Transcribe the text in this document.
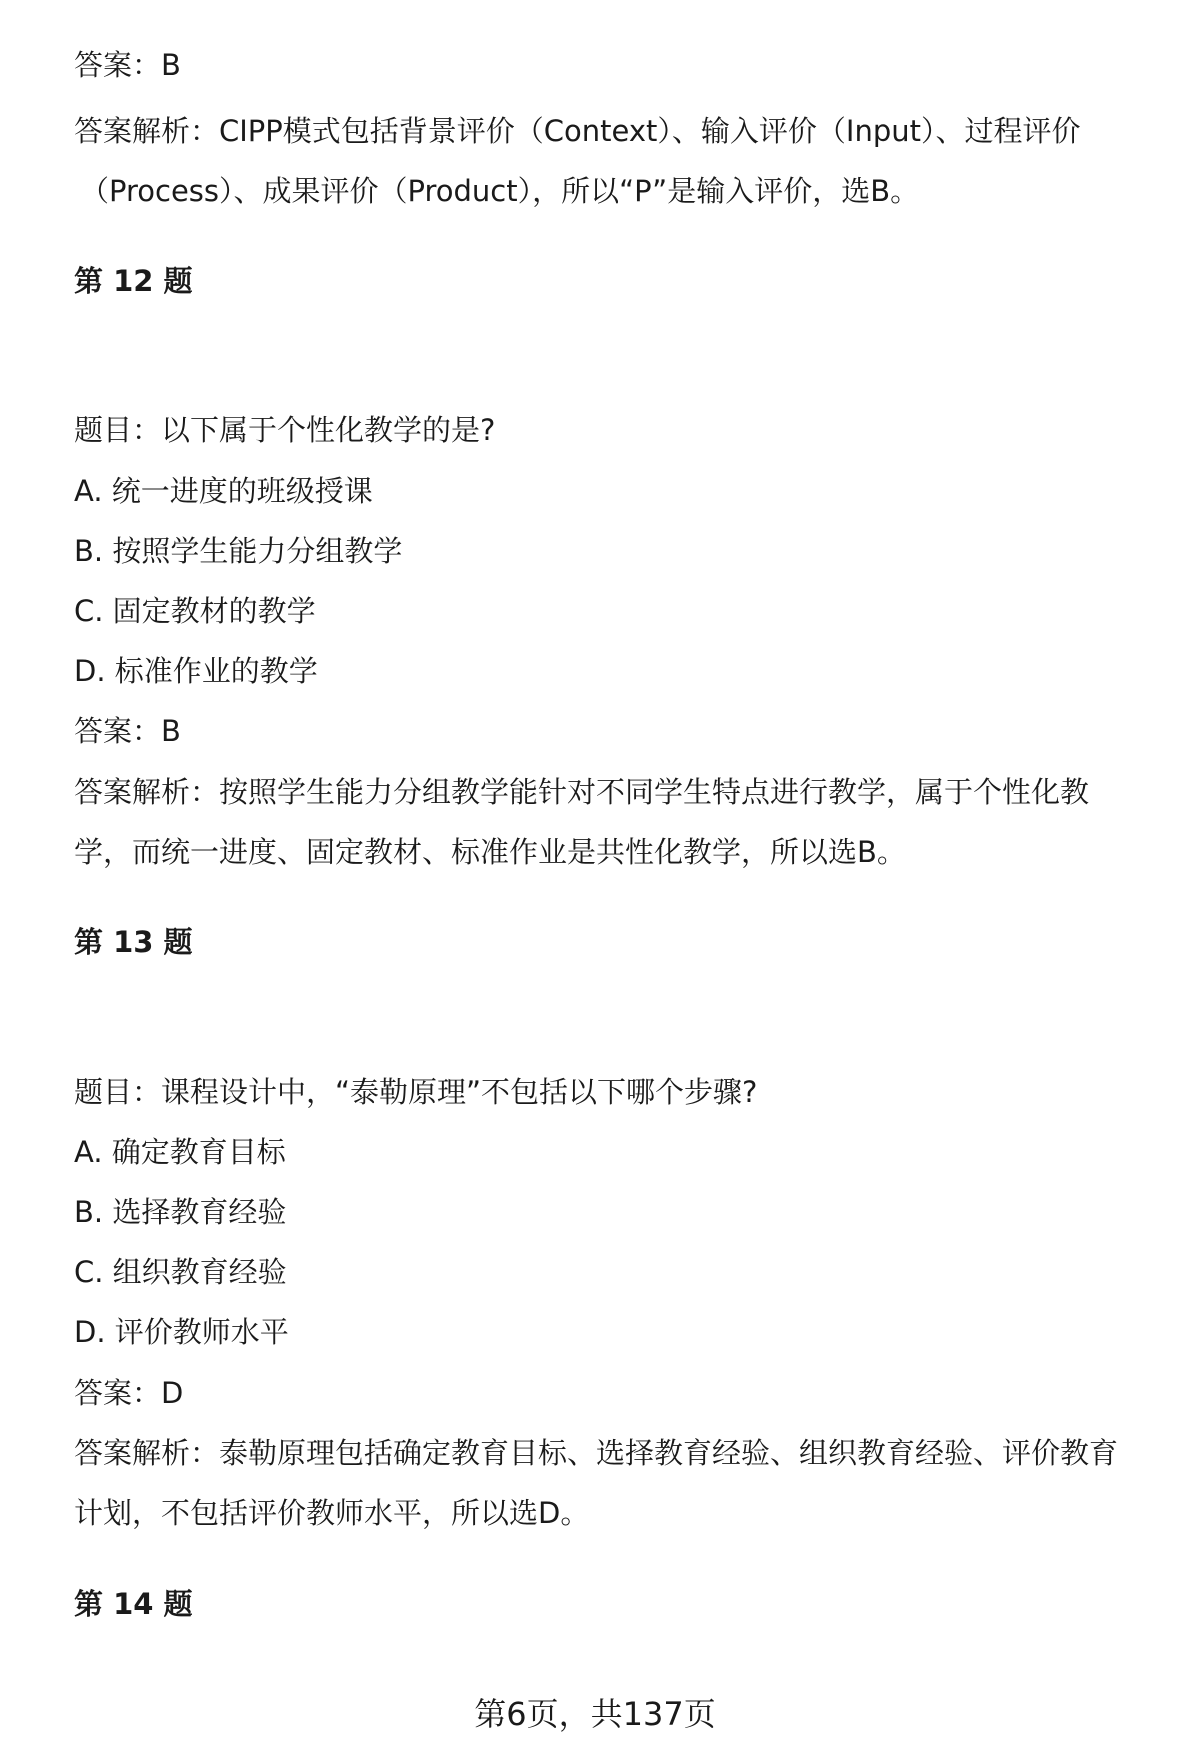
答案：B
答案解析：CIPP模式包括背景评价（Context）、输入评价（Input）、过程评价
（Process）、成果评价（Product），所以“P”是输入评价，选B。
第 12 题
题目：以下属于个性化教学的是?
A. 统一进度的班级授课
B. 按照学生能力分组教学
C. 固定教材的教学
D. 标准作业的教学
答案：B
答案解析：按照学生能力分组教学能针对不同学生特点进行教学，属于个性化教
学，而统一进度、固定教材、标准作业是共性化教学，所以选B。
第 13 题
题目：课程设计中，“泰勒原理”不包括以下哪个步骤?
A. 确定教育目标
B. 选择教育经验
C. 组织教育经验
D. 评价教师水平
答案：D
答案解析：泰勒原理包括确定教育目标、选择教育经验、组织教育经验、评价教育
计划，不包括评价教师水平，所以选D。
第 14 题
第6页，共137页
